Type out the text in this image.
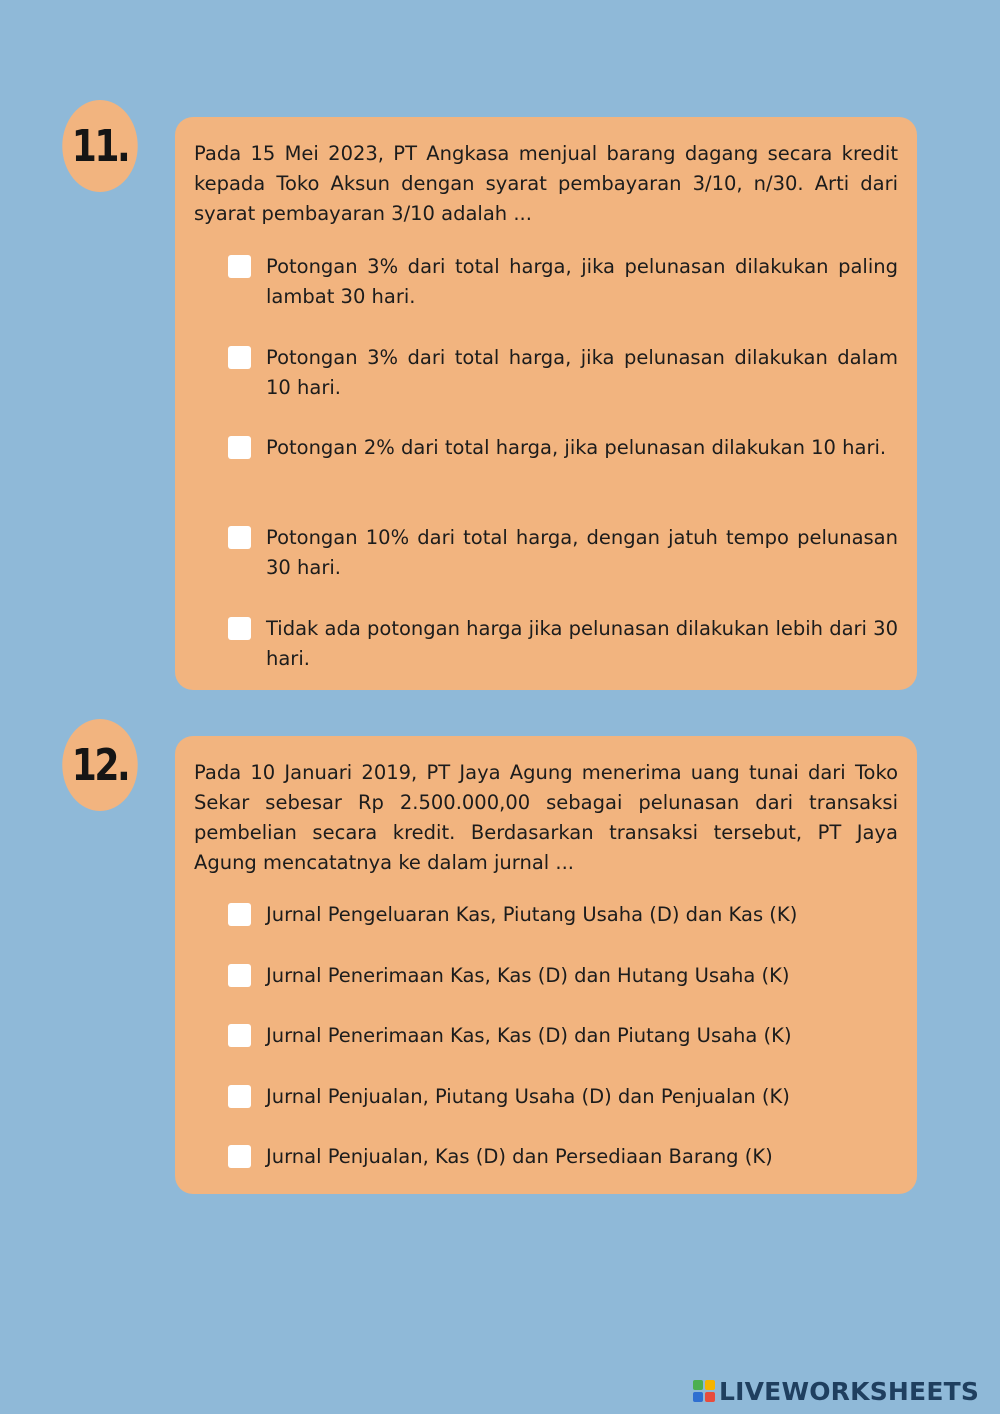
11.	Pada 15 Mei 2023, PT Angkasa menjual barang dagang secara kredit kepada Toko Aksun dengan syarat pembayaran 3/10, n/30. Arti dari syarat pembayaran 3/10 adalah ...

Potongan 3% dari total harga, jika pelunasan dilakukan paling lambat 30 hari.
Potongan 3% dari total harga, jika pelunasan dilakukan dalam 10 hari.
Potongan 2% dari total harga, jika pelunasan dilakukan 10 hari.
Potongan 10% dari total harga, dengan jatuh tempo pelunasan 30 hari.
Tidak ada potongan harga jika pelunasan dilakukan lebih dari 30 hari.
12.	Pada 10 Januari 2019, PT Jaya Agung menerima uang tunai dari Toko Sekar sebesar Rp 2.500.000,00 sebagai pelunasan dari transaksi pembelian secara kredit. Berdasarkan transaksi tersebut, PT Jaya Agung mencatatnya ke dalam jurnal ...

Jurnal Pengeluaran Kas, Piutang Usaha (D) dan Kas (K)
Jurnal Penerimaan Kas, Kas (D) dan Hutang Usaha (K)
Jurnal Penerimaan Kas, Kas (D) dan Piutang Usaha (K)
Jurnal Penjualan, Piutang Usaha (D) dan Penjualan (K)
Jurnal Penjualan, Kas (D) dan Persediaan Barang (K)
LIVEWORKSHEETS
